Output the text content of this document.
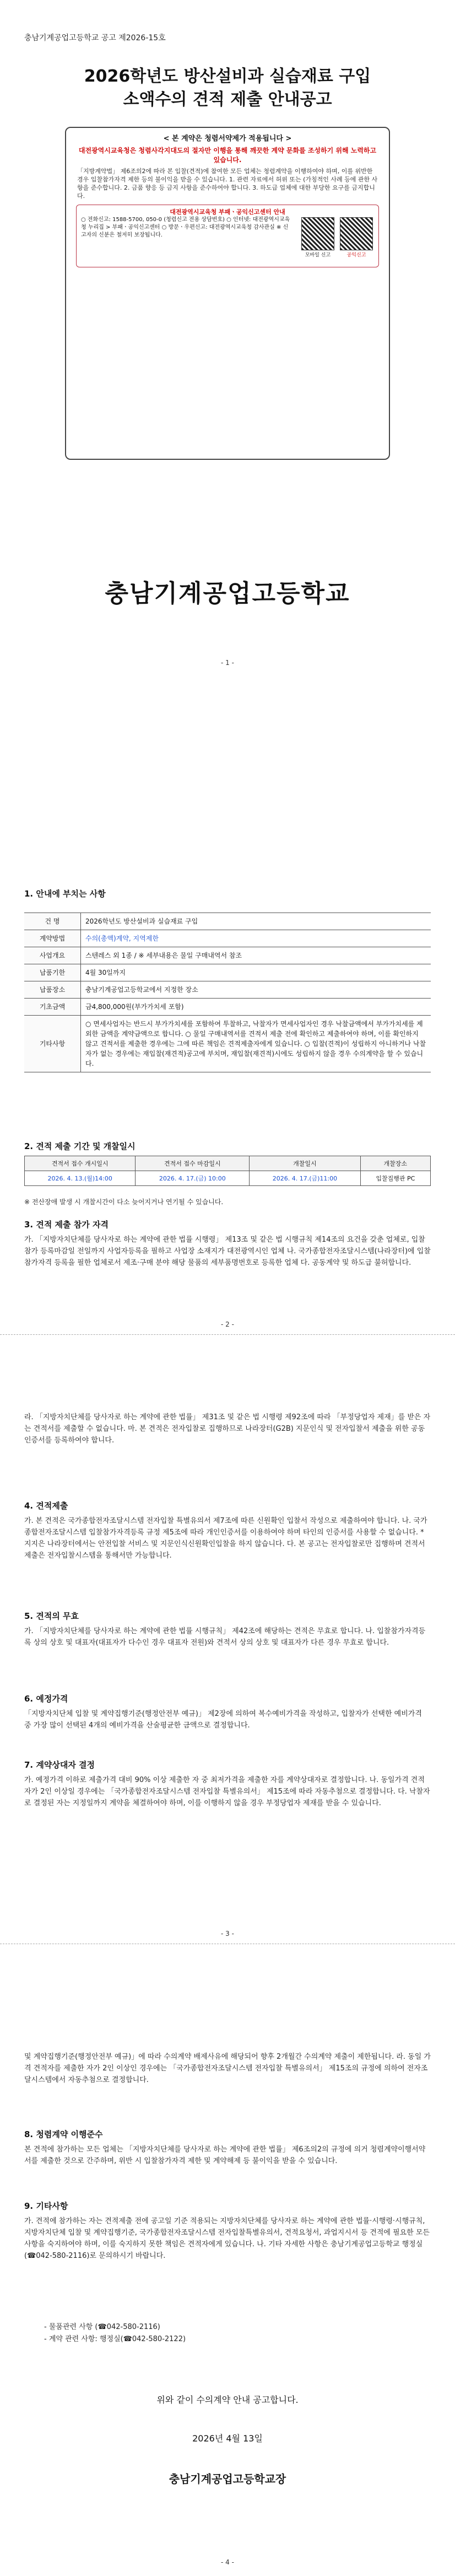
충남기계공업고등학교 공고 제2026-15호
2026학년도 방산설비과 실습재료 구입
소액수의 견적 제출 안내공고
< 본 계약은 청렴서약제가 적용됩니다 >
대전광역시교육청은 청렴사각지대도의 절자만 이행을 통해 깨끗한 계약 문화를 조성하기 위해 노력하고 있습니다.
「지방계약법」 제6조의2에 따라 본 입찰(견적)에 참여한 모든 업체는 청렴계약을 이행하여야 하며, 이를 위반한 경우 입찰참가자격 제한 등의 불이익을 받을 수 있습니다. 1. 관련 자료에서 허위 또는 (가칭적인 사례 등에 관한 사항을 준수합니다. 2. 금품 향응 등 금지 사항을 준수하여야 합니다. 3. 하도급 업체에 대한 부당한 요구를 금지합니다.
대전광역시교육청 부패ㆍ공익신고센터 안내
○ 전화신고: 1588-5700, 050-0 (청렴신고 전용 상담번호) ○ 인터넷: 대전광역시교육청 누리집 > 부패ㆍ공익신고센터 ○ 방문ㆍ우편신고: 대전광역시교육청 감사관실 ※ 신고자의 신분은 철저히 보장됩니다.
모바일 신고	공익신고
충남기계공업고등학교
- 1 -
1. 안내에 부치는 사항
건 명	2026학년도 방산설비과 실습재료 구입
계약방법	수의(총액)계약, 지역제한
사업개요	스텐레스 외 1종 / ※ 세부내용은 물일 구매내역서 참조
납품기한	4월 30일까지
납품장소	충남기계공업고등학교에서 지정한 장소
기초금액	금4,800,000원(부가가치세 포함)
기타사항	○ 면세사업자는 반드시 부가가치세를 포함하여 투찰하고, 낙찰자가 면세사업자인 경우 낙찰금액에서 부가가치세를 제외한 금액을 계약금액으로 합니다. ○ 물일 구매내역서를 견적서 제출 전에 확인하고 제출하여야 하며, 이를 확인하지 않고 견적서를 제출한 경우에는 그에 따른 책임은 견적제출자에게 있습니다. ○ 입찰(견적)이 성립하지 아니하거나 낙찰자가 없는 경우에는 재입찰(재견적)공고에 부치며, 재입찰(재견적)시에도 성립하지 않을 경우 수의계약을 할 수 있습니다.
2. 견적 제출 기간 및 개찰일시
견적서 접수 개시일시	견적서 접수 마감일시	개찰일시	개찰장소
2026. 4. 13.(월)14:00	2026. 4. 17.(금) 10:00	2026. 4. 17.(금)11:00	입찰집행관 PC
※ 전산장애 발생 시 개찰시간이 다소 늦어지거나 연기될 수 있습니다.
3. 견적 제출 참가 자격
가. 「지방자치단체를 당사자로 하는 계약에 관한 법률 시행령」 제13조 및 같은 법 시행규칙 제14조의 요건을 갖춘 업체로, 입찰 참가 등록마감일 전일까지 사업자등록을 필하고 사업장 소재지가 대전광역시인 업체 나. 국가종합전자조달시스템(나라장터)에 입찰참가자격 등록을 필한 업체로서 제조·구매 분야 해당 물품의 세부품명번호로 등록한 업체 다. 공동계약 및 하도급 불허합니다.
- 2 -
라. 「지방자치단체를 당사자로 하는 계약에 관한 법률」 제31조 및 같은 법 시행령 제92조에 따라 「부정당업자 제재」를 받은 자는 견적서를 제출할 수 없습니다. 마. 본 견적은 전자입찰로 집행하므로 나라장터(G2B) 지문인식 및 전자입찰서 제출을 위한 공동인증서를 등록하여야 합니다.
4. 견적제출
가. 본 견적은 국가종합전자조달시스템 전자입찰 특별유의서 제7조에 따른 신원확인 입찰서 작성으로 제출하여야 합니다. 나. 국가종합전자조달시스템 입찰참가자격등록 규정 제5조에 따라 개인인증서를 이용하여야 하며 타인의 인증서를 사용할 수 없습니다. * 지지은 나라장터에서는 안전입찰 서비스 및 지문인식신원확인입찰을 하지 않습니다. 다. 본 공고는 전자입찰로만 집행하며 견적서 제출은 전자입찰시스템을 통해서만 가능합니다.
5. 견적의 무효
가. 「지방자치단체를 당사자로 하는 계약에 관한 법률 시행규칙」 제42조에 해당하는 견적은 무효로 합니다. 나. 입찰참가자격등록 상의 상호 및 대표자(대표자가 다수인 경우 대표자 전원)와 견적서 상의 상호 및 대표자가 다른 경우 무효로 합니다.
6. 예정가격
「지방자치단체 입찰 및 계약집행기준(행정안전부 예규)」 제2장에 의하여 복수예비가격을 작성하고, 입찰자가 선택한 예비가격 중 가장 많이 선택된 4개의 예비가격을 산술평균한 금액으로 결정합니다.
7. 계약상대자 결정
가. 예정가격 이하로 제출가격 대비 90% 이상 제출한 자 중 최저가격을 제출한 자를 계약상대자로 결정합니다. 나. 동일가격 견적자가 2인 이상일 경우에는 「국가종합전자조달시스템 전자입찰 특별유의서」 제15조에 따라 자동추첨으로 결정합니다. 다. 낙찰자로 결정된 자는 지정일까지 계약을 체결하여야 하며, 이를 이행하지 않을 경우 부정당업자 제재를 받을 수 있습니다.
- 3 -
및 계약집행기준(행정안전부 예규)」에 따라 수의계약 배제사유에 해당되어 향후 2개월간 수의계약 제출이 제한됩니다. 라. 동일 가격 견적자를 제출한 자가 2인 이상인 경우에는 「국가종합전자조달시스템 전자입찰 특별유의서」 제15조의 규정에 의하여 전자조달시스템에서 자동추첨으로 결정합니다.
8. 청렴계약 이행준수
본 견적에 참가하는 모든 업체는 「지방자치단체를 당사자로 하는 계약에 관한 법률」 제6조의2의 규정에 의거 청렴계약이행서약서를 제출한 것으로 간주하며, 위반 시 입찰참가자격 제한 및 계약해제 등 불이익을 받을 수 있습니다.
9. 기타사항
가. 견적에 참가하는 자는 견적제출 전에 공고일 기준 적용되는 지방자치단체를 당사자로 하는 계약에 관한 법률·시행령·시행규칙, 지방자치단체 입찰 및 계약집행기준, 국가종합전자조달시스템 전자입찰특별유의서, 견적요청서, 과업지시서 등 견적에 필요한 모든 사항을 숙지하여야 하며, 이를 숙지하지 못한 책임은 견적자에게 있습니다. 나. 기타 자세한 사항은 충남기계공업고등학교 행정실(☎042-580-2116)로 문의하시기 바랍니다.
- 물품관련 사항 (☎042-580-2116)
- 계약 관련 사항: 행정실(☎042-580-2122)
위와 같이 수의계약 안내 공고합니다.
2026년 4월 13일
충남기계공업고등학교장
- 4 -
